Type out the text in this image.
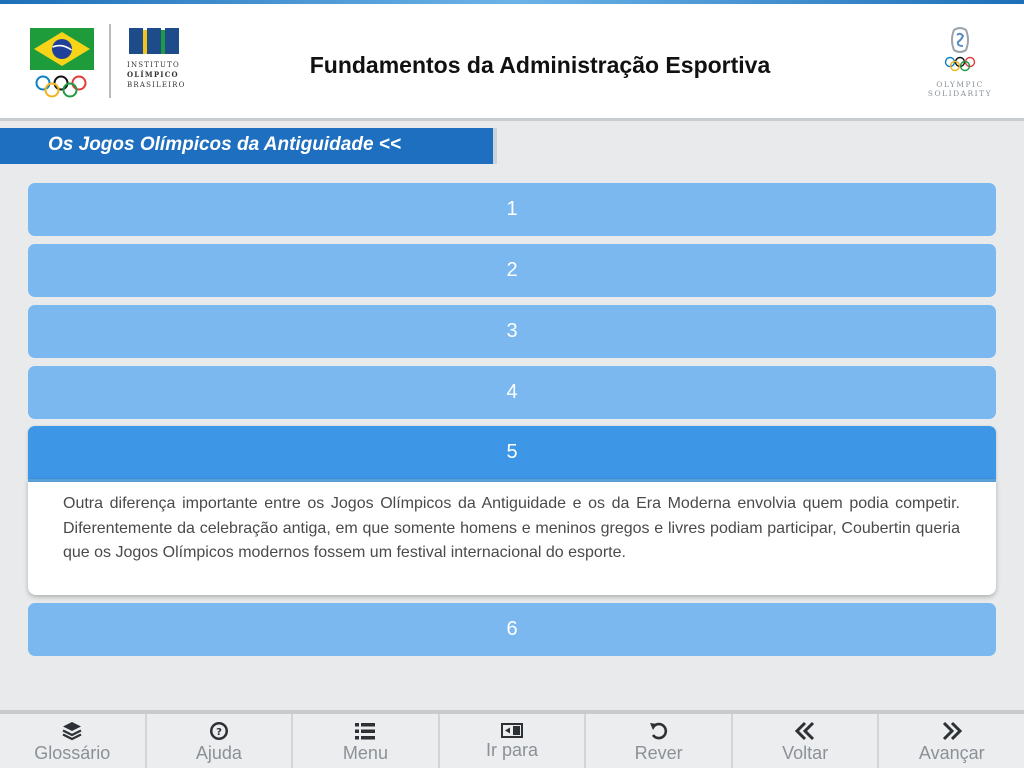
INSTITUTO
OLÍMPICO
BRASILEIRO
Fundamentos da Administração Esportiva
OLYMPIC
SOLIDARITY
Os Jogos Olímpicos da Antiguidade <<
1
2
3
4
5

Outra diferença importante entre os Jogos Olímpicos da Antiguidade e os da Era Moderna envolvia quem podia competir. Diferentemente da celebração antiga, em que somente homens e meninos gregos e livres podiam participar, Coubertin queria que os Jogos Olímpicos modernos fossem um festival internacional do esporte.

6
Glossário
?
Ajuda	Menu	Ir para	Rever	Voltar	Avançar
